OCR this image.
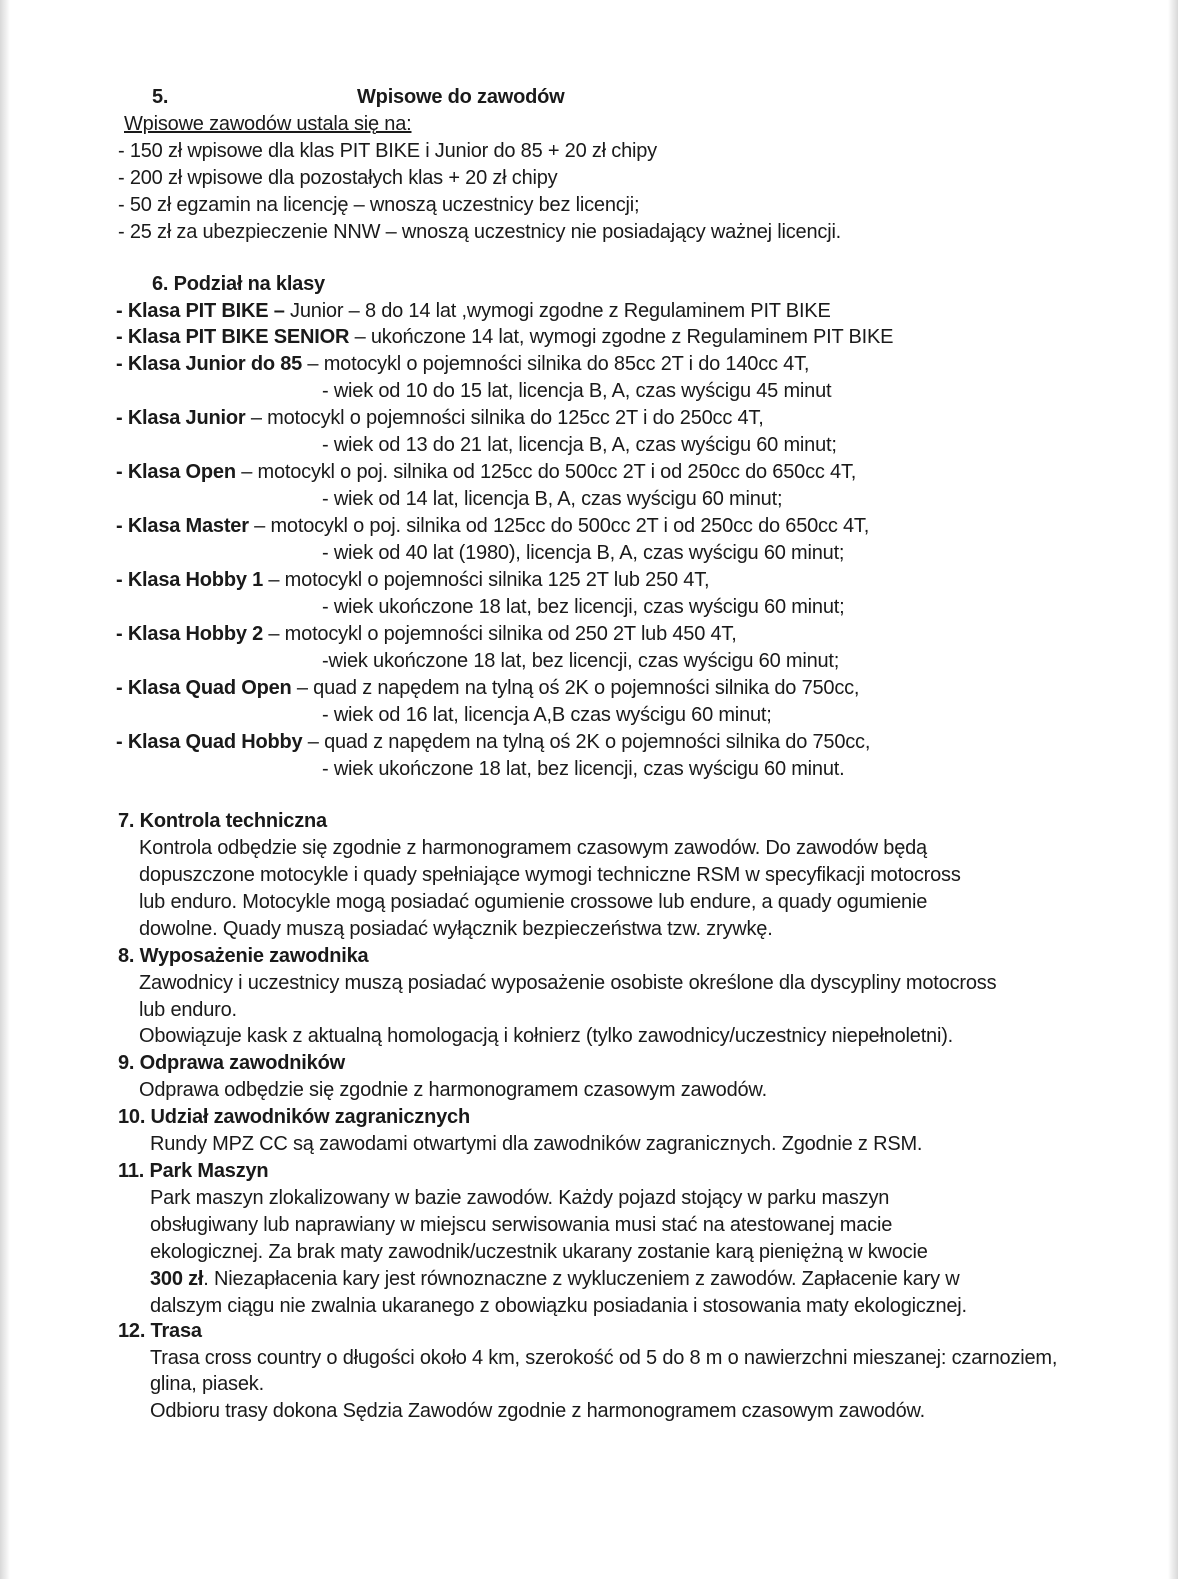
5.	Wpisowe do zawodów
Wpisowe zawodów ustala się na:
- 150 zł wpisowe dla klas PIT BIKE i Junior do 85 + 20 zł chipy
- 200 zł wpisowe dla pozostałych klas + 20 zł chipy
- 50 zł egzamin na licencję – wnoszą uczestnicy bez licencji;
- 25 zł za ubezpieczenie NNW – wnoszą uczestnicy nie posiadający ważnej licencji.
6. Podział na klasy
- Klasa PIT BIKE – Junior – 8 do 14 lat ,wymogi zgodne z Regulaminem PIT BIKE
- Klasa PIT BIKE SENIOR – ukończone 14 lat, wymogi zgodne z Regulaminem PIT BIKE
- Klasa Junior do 85 – motocykl o pojemności silnika do 85cc 2T i do 140cc 4T,
- wiek od 10 do 15 lat, licencja B, A, czas wyścigu 45 minut
- Klasa Junior – motocykl o pojemności silnika do 125cc 2T i do 250cc 4T,
- wiek od 13 do 21 lat, licencja B, A, czas wyścigu 60 minut;
- Klasa Open – motocykl o poj. silnika od 125cc do 500cc 2T i od 250cc do 650cc 4T,
- wiek od 14 lat, licencja B, A, czas wyścigu 60 minut;
- Klasa Master – motocykl o poj. silnika od 125cc do 500cc 2T i od 250cc do 650cc 4T,
- wiek od 40 lat (1980), licencja B, A, czas wyścigu 60 minut;
- Klasa Hobby 1 – motocykl o pojemności silnika 125 2T lub 250 4T,
- wiek ukończone 18 lat, bez licencji, czas wyścigu 60 minut;
- Klasa Hobby 2 – motocykl o pojemności silnika od 250 2T lub 450 4T,
-wiek ukończone 18 lat, bez licencji, czas wyścigu 60 minut;
- Klasa Quad Open – quad z napędem na tylną oś 2K o pojemności silnika do 750cc,
- wiek od 16 lat, licencja A,B czas wyścigu 60 minut;
- Klasa Quad Hobby – quad z napędem na tylną oś 2K o pojemności silnika do 750cc,
- wiek ukończone 18 lat, bez licencji, czas wyścigu 60 minut.
7. Kontrola techniczna
Kontrola odbędzie się zgodnie z harmonogramem czasowym zawodów. Do zawodów będą
dopuszczone motocykle i quady spełniające wymogi techniczne RSM w specyfikacji motocross
lub enduro. Motocykle mogą posiadać ogumienie crossowe lub endure, a quady ogumienie
dowolne. Quady muszą posiadać wyłącznik bezpieczeństwa tzw. zrywkę.
8. Wyposażenie zawodnika
Zawodnicy i uczestnicy muszą posiadać wyposażenie osobiste określone dla dyscypliny motocross
lub enduro.
Obowiązuje kask z aktualną homologacją i kołnierz (tylko zawodnicy/uczestnicy niepełnoletni).
9. Odprawa zawodników
Odprawa odbędzie się zgodnie z harmonogramem czasowym zawodów.
10. Udział zawodników zagranicznych
Rundy MPZ CC są zawodami otwartymi dla zawodników zagranicznych. Zgodnie z RSM.
11. Park Maszyn
Park maszyn zlokalizowany w bazie zawodów. Każdy pojazd stojący w parku maszyn
obsługiwany lub naprawiany w miejscu serwisowania musi stać na atestowanej macie
ekologicznej. Za brak maty zawodnik/uczestnik ukarany zostanie karą pieniężną w kwocie
300 zł. Niezapłacenia kary jest równoznaczne z wykluczeniem z zawodów. Zapłacenie kary w
dalszym ciągu nie zwalnia ukaranego z obowiązku posiadania i stosowania maty ekologicznej.
12. Trasa
Trasa cross country o długości około 4 km, szerokość od 5 do 8 m o nawierzchni mieszanej: czarnoziem,
glina, piasek.
Odbioru trasy dokona Sędzia Zawodów zgodnie z harmonogramem czasowym zawodów.
